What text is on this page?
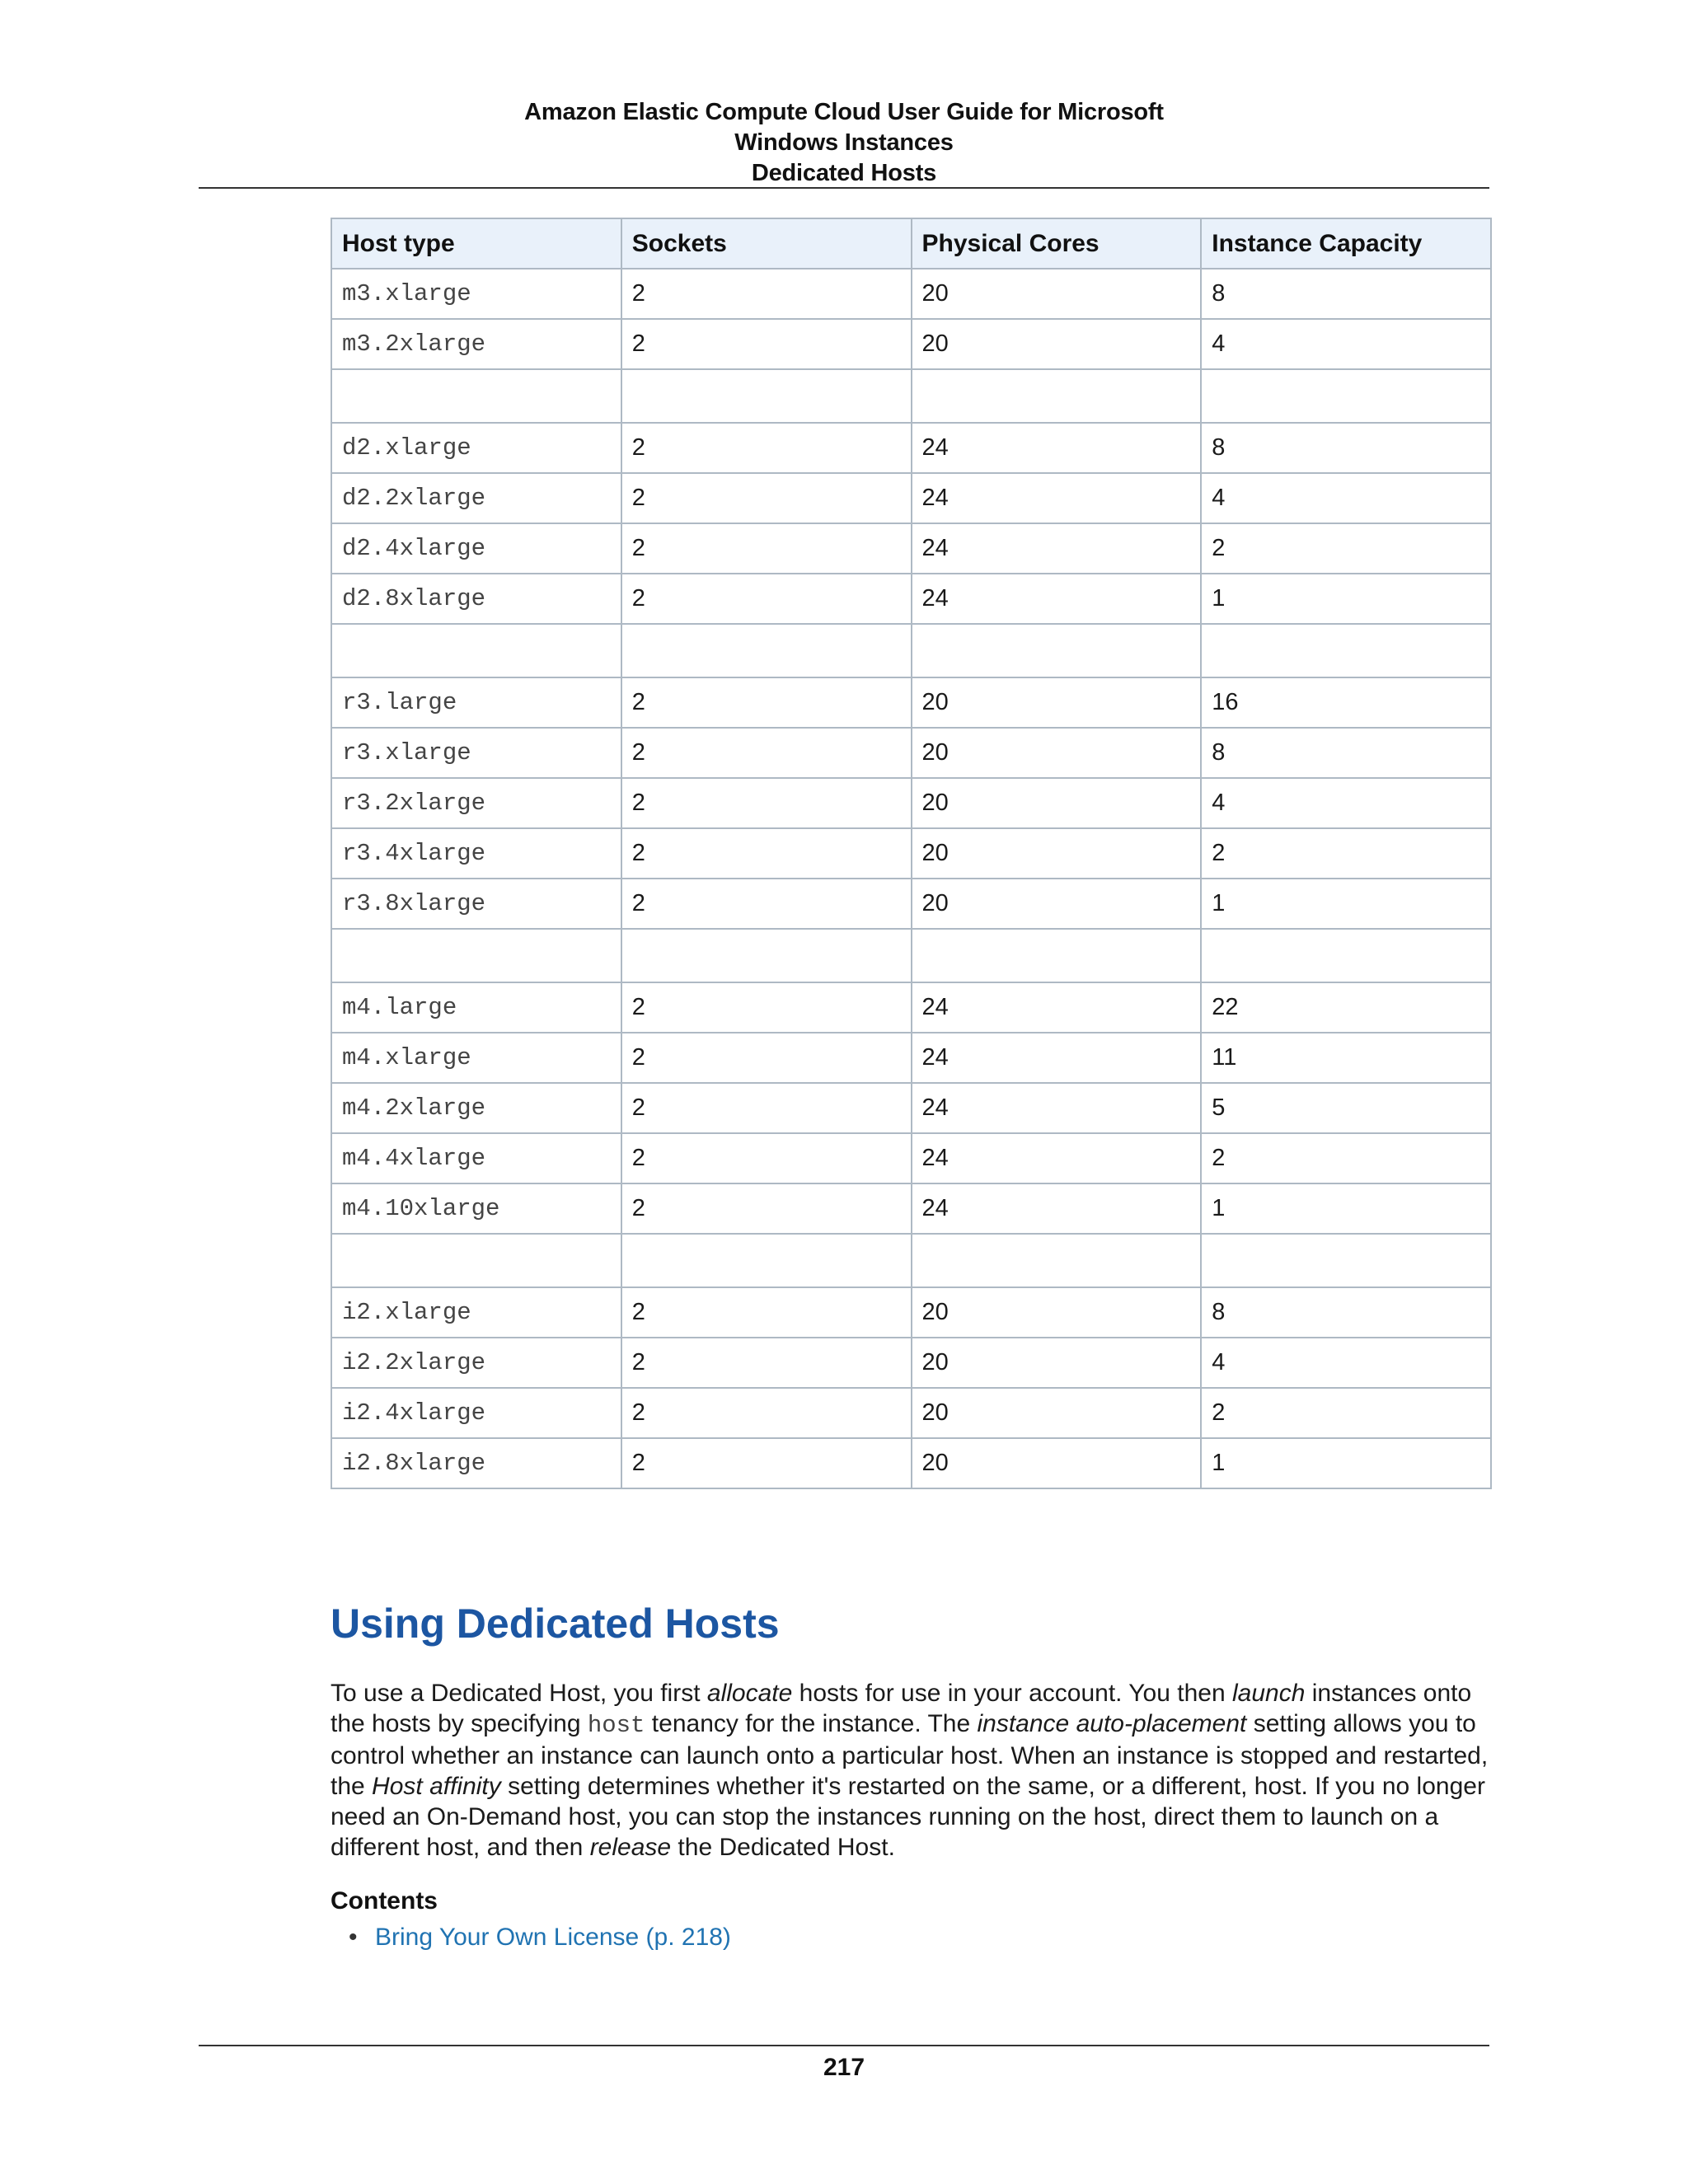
Amazon Elastic Compute Cloud User Guide for Microsoft
Windows Instances
Dedicated Hosts
Host type	Sockets	Physical Cores	Instance Capacity
m3.xlarge	2	20	8
m3.2xlarge	2	20	4

d2.xlarge	2	24	8
d2.2xlarge	2	24	4
d2.4xlarge	2	24	2
d2.8xlarge	2	24	1

r3.large	2	20	16
r3.xlarge	2	20	8
r3.2xlarge	2	20	4
r3.4xlarge	2	20	2
r3.8xlarge	2	20	1

m4.large	2	24	22
m4.xlarge	2	24	11
m4.2xlarge	2	24	5
m4.4xlarge	2	24	2
m4.10xlarge	2	24	1

i2.xlarge	2	20	8
i2.2xlarge	2	20	4
i2.4xlarge	2	20	2
i2.8xlarge	2	20	1
Using Dedicated Hosts

To use a Dedicated Host, you first allocate hosts for use in your account. You then launch instances onto the hosts by specifying host tenancy for the instance. The instance auto-placement setting allows you to control whether an instance can launch onto a particular host. When an instance is stopped and restarted, the Host affinity setting determines whether it's restarted on the same, or a different, host. If you no longer need an On-Demand host, you can stop the instances running on the host, direct them to launch on a different host, and then release the Dedicated Host.

Contents
• Bring Your Own License (p. 218)
217
